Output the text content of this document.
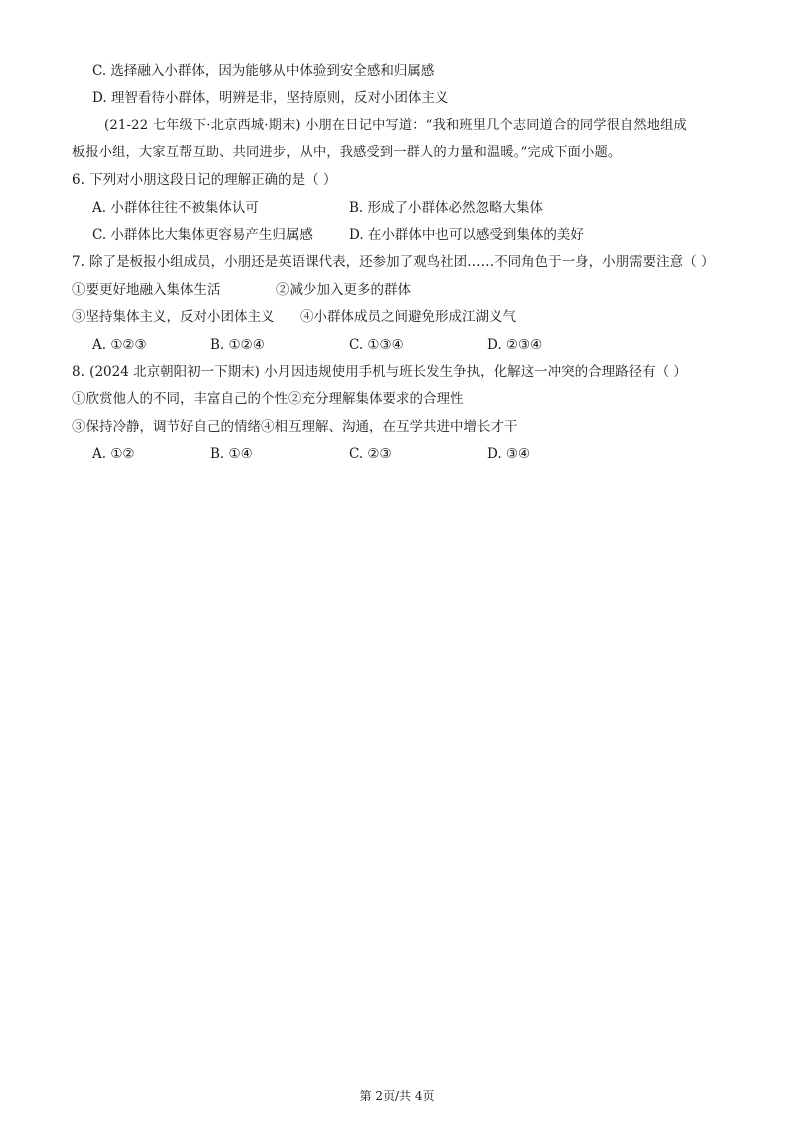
C. 选择融入小群体，因为能够从中体验到安全感和归属感
D. 理智看待小群体，明辨是非，坚持原则，反对小团体主义
(21-22 七年级下·北京西城·期末) 小朋在日记中写道：“我和班里几个志同道合的同学很自然地组成
板报小组，大家互帮互助、共同进步，从中，我感受到一群人的力量和温暖。”完成下面小题。
6. 下列对小朋这段日记的理解正确的是（ ）
A. 小群体往往不被集体认可	B. 形成了小群体必然忽略大集体
C. 小群体比大集体更容易产生归属感	D. 在小群体中也可以感受到集体的美好
7. 除了是板报小组成员，小朋还是英语课代表，还参加了观鸟社团……不同角色于一身，小朋需要注意（ ）
①要更好地融入集体生活	②减少加入更多的群体
③坚持集体主义，反对小团体主义 ④小群体成员之间避免形成江湖义气
A. ①②③	B. ①②④	C. ①③④	D. ②③④
8. (2024 北京朝阳初一下期末) 小月因违规使用手机与班长发生争执，化解这一冲突的合理路径有（ ）
①欣赏他人的不同，丰富自己的个性②充分理解集体要求的合理性
③保持冷静，调节好自己的情绪④相互理解、沟通，在互学共进中增长才干
A. ①②	B. ①④	C. ②③	D. ③④
第 2页/共 4页
